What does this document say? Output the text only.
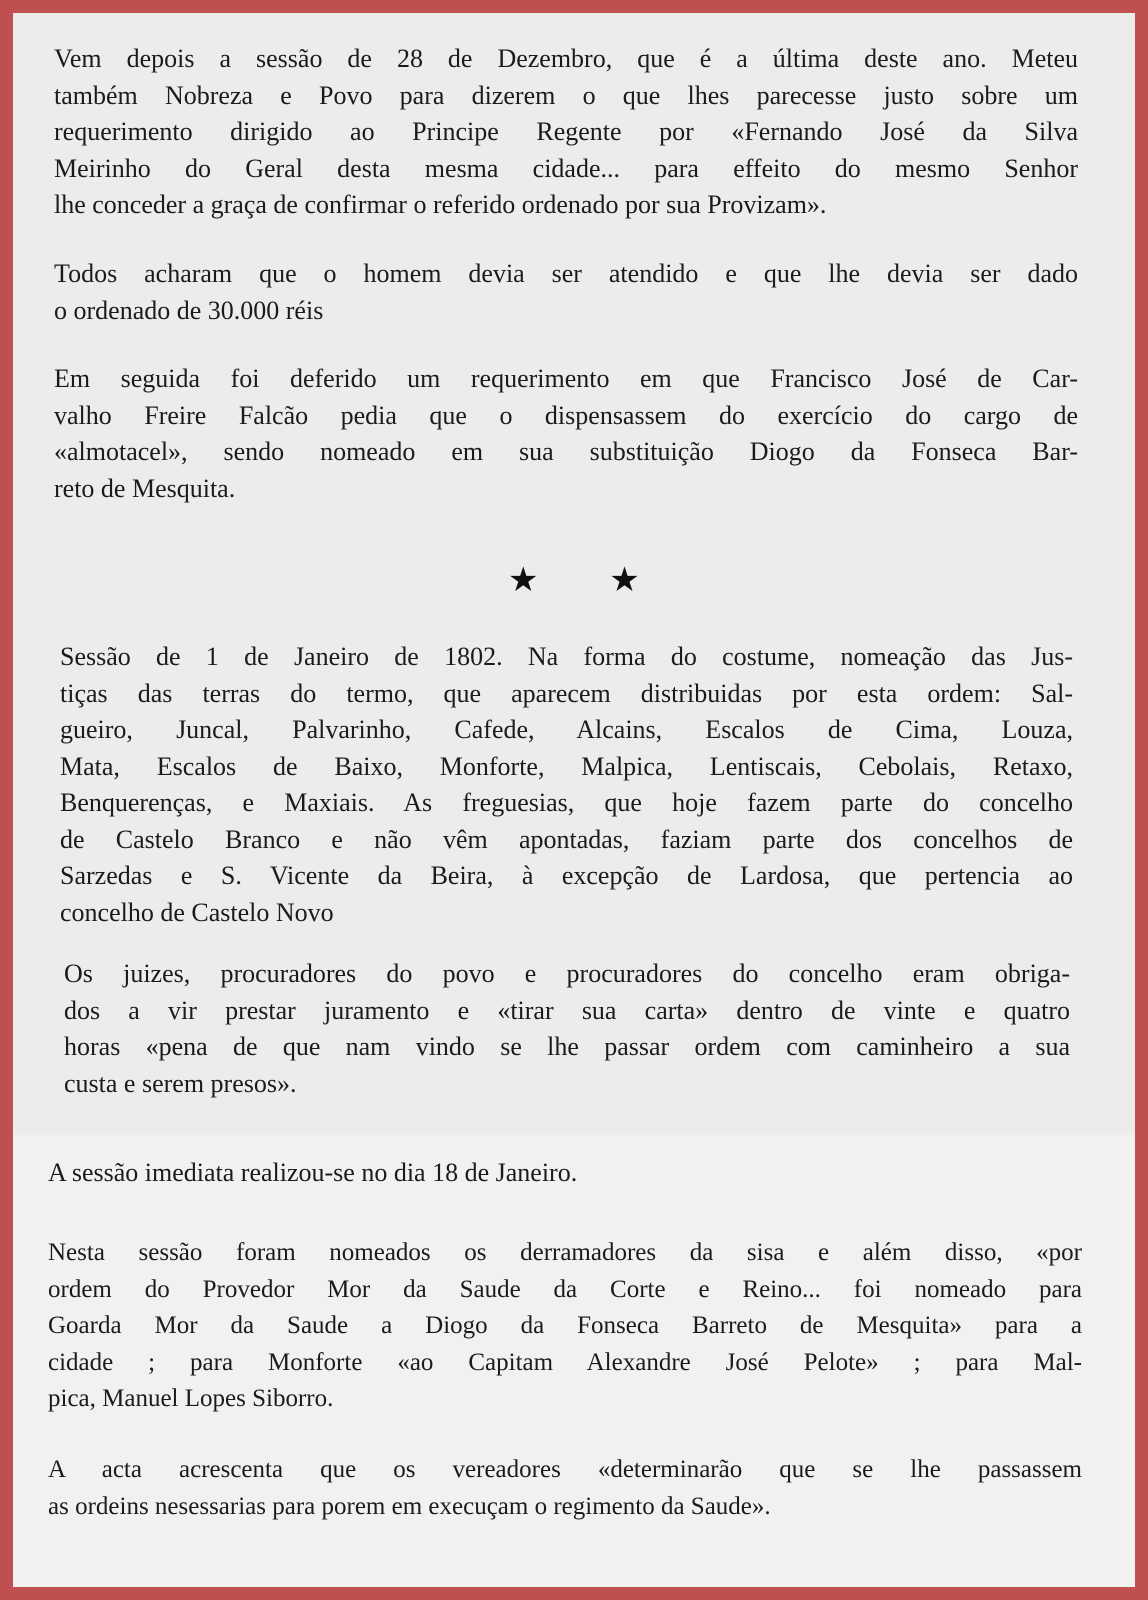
Vem depois a sessão de 28 de Dezembro, que é a última deste ano. Meteu
também Nobreza e Povo para dizerem o que lhes parecesse justo sobre um
requerimento dirigido ao Principe Regente por «Fernando José da Silva
Meirinho do Geral desta mesma cidade... para effeito do mesmo Senhor
lhe conceder a graça de confirmar o referido ordenado por sua Provizam».
Todos acharam que o homem devia ser atendido e que lhe devia ser dado
o ordenado de 30.000 réis
Em seguida foi deferido um requerimento em que Francisco José de Car-
valho Freire Falcão pedia que o dispensassem do exercício do cargo de
«almotacel», sendo nomeado em sua substituição Diogo da Fonseca Bar-
reto de Mesquita.
★ ★
Sessão de 1 de Janeiro de 1802. Na forma do costume, nomeação das Jus-
tiças das terras do termo, que aparecem distribuidas por esta ordem: Sal-
gueiro, Juncal, Palvarinho, Cafede, Alcains, Escalos de Cima, Louza,
Mata, Escalos de Baixo, Monforte, Malpica, Lentiscais, Cebolais, Retaxo,
Benquerenças, e Maxiais. As freguesias, que hoje fazem parte do concelho
de Castelo Branco e não vêm apontadas, faziam parte dos concelhos de
Sarzedas e S. Vicente da Beira, à excepção de Lardosa, que pertencia ao
concelho de Castelo Novo
Os juizes, procuradores do povo e procuradores do concelho eram obriga-
dos a vir prestar juramento e «tirar sua carta» dentro de vinte e quatro
horas «pena de que nam vindo se lhe passar ordem com caminheiro a sua
custa e serem presos».
A sessão imediata realizou-se no dia 18 de Janeiro.
Nesta sessão foram nomeados os derramadores da sisa e além disso, «por
ordem do Provedor Mor da Saude da Corte e Reino... foi nomeado para
Goarda Mor da Saude a Diogo da Fonseca Barreto de Mesquita» para a
cidade ; para Monforte «ao Capitam Alexandre José Pelote» ; para Mal-
pica, Manuel Lopes Siborro.
A acta acrescenta que os vereadores «determinarão que se lhe passassem
as ordeins nesessarias para porem em execuçam o regimento da Saude».
